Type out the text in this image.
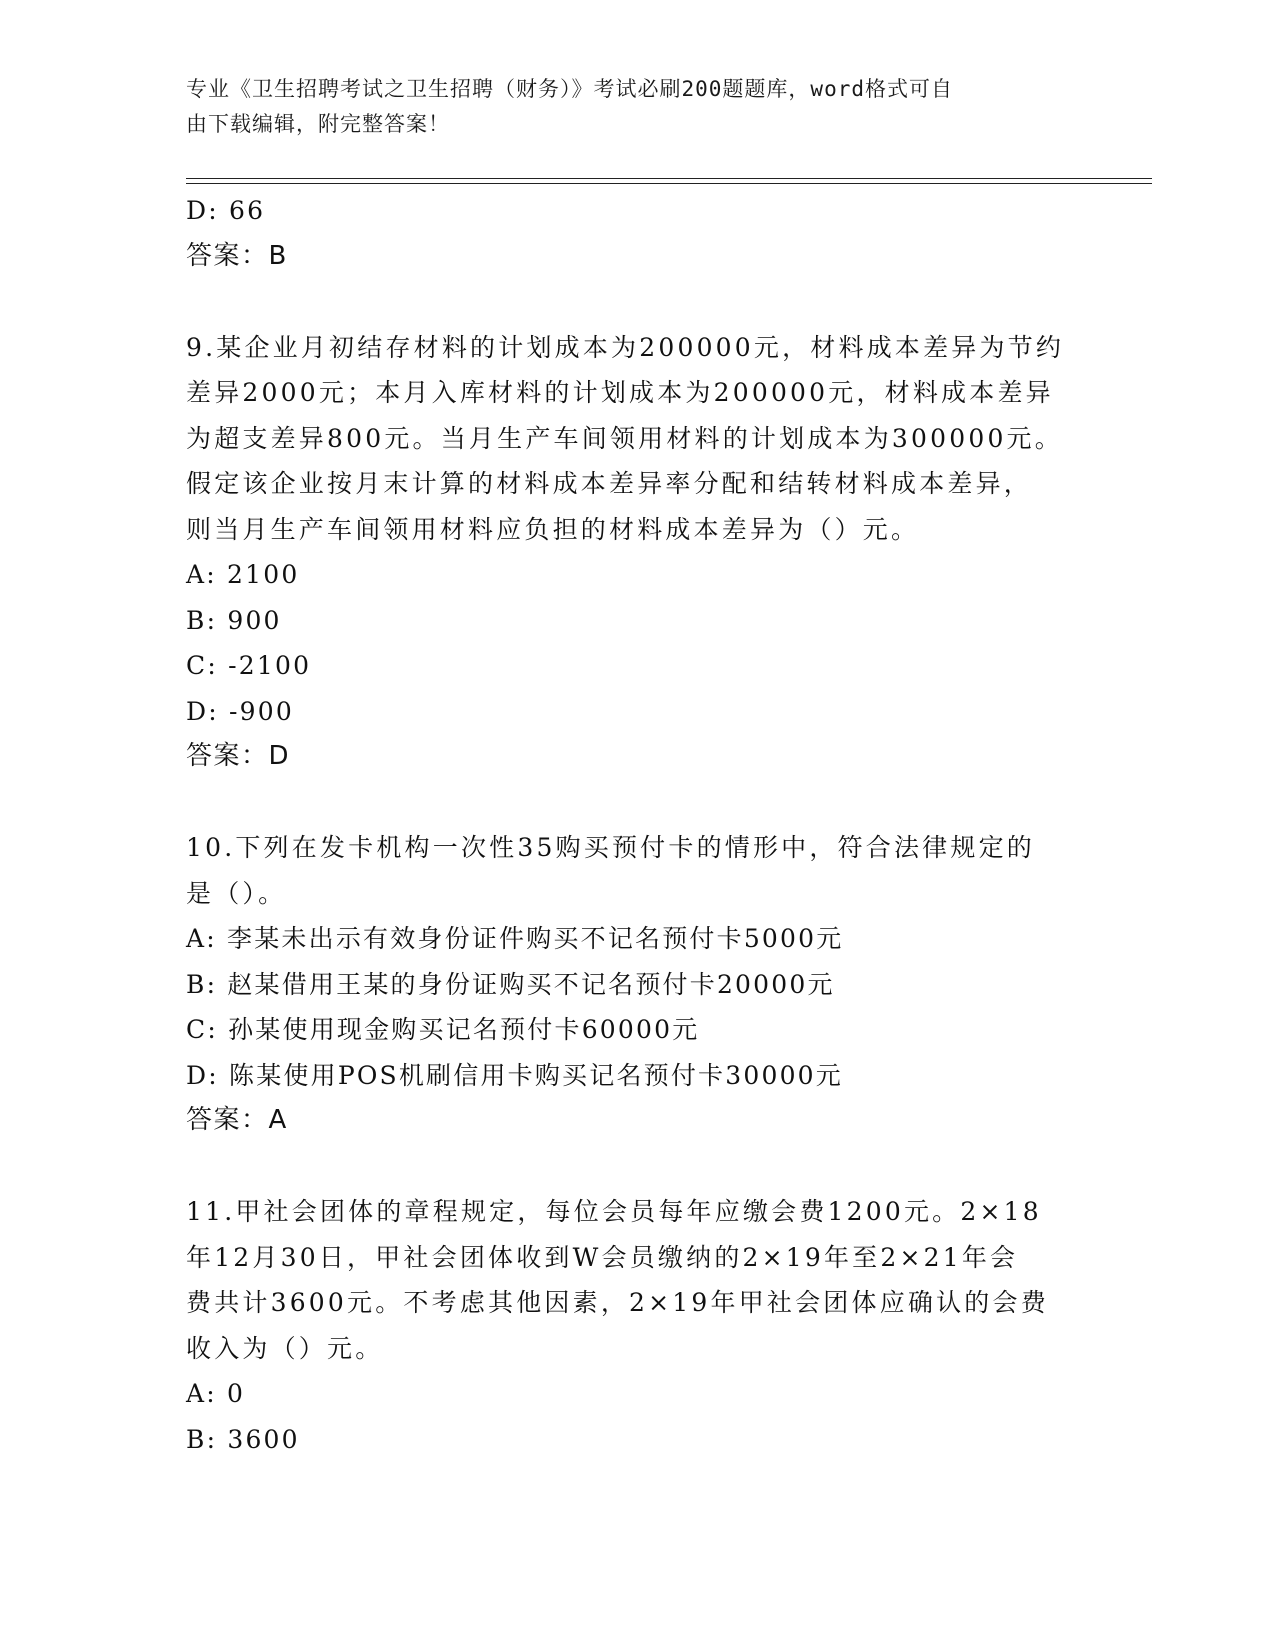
专业《卫生招聘考试之卫生招聘（财务）》考试必刷200题题库，word格式可自
由下载编辑，附完整答案！
D: 66
答案：B
9.某企业月初结存材料的计划成本为200000元，材料成本差异为节约
差异2000元；本月入库材料的计划成本为200000元，材料成本差异
为超支差异800元。当月生产车间领用材料的计划成本为300000元。
假定该企业按月末计算的材料成本差异率分配和结转材料成本差异，
则当月生产车间领用材料应负担的材料成本差异为（）元。
A: 2100
B: 900
C: -2100
D: -900
答案：D
10.下列在发卡机构一次性35购买预付卡的情形中，符合法律规定的
是（）。
A: 李某未出示有效身份证件购买不记名预付卡5000元
B: 赵某借用王某的身份证购买不记名预付卡20000元
C: 孙某使用现金购买记名预付卡60000元
D: 陈某使用POS机刷信用卡购买记名预付卡30000元
答案：A
11.甲社会团体的章程规定，每位会员每年应缴会费1200元。2×18
年12月30日，甲社会团体收到W会员缴纳的2×19年至2×21年会
费共计3600元。不考虑其他因素，2×19年甲社会团体应确认的会费
收入为（）元。
A: 0
B: 3600
